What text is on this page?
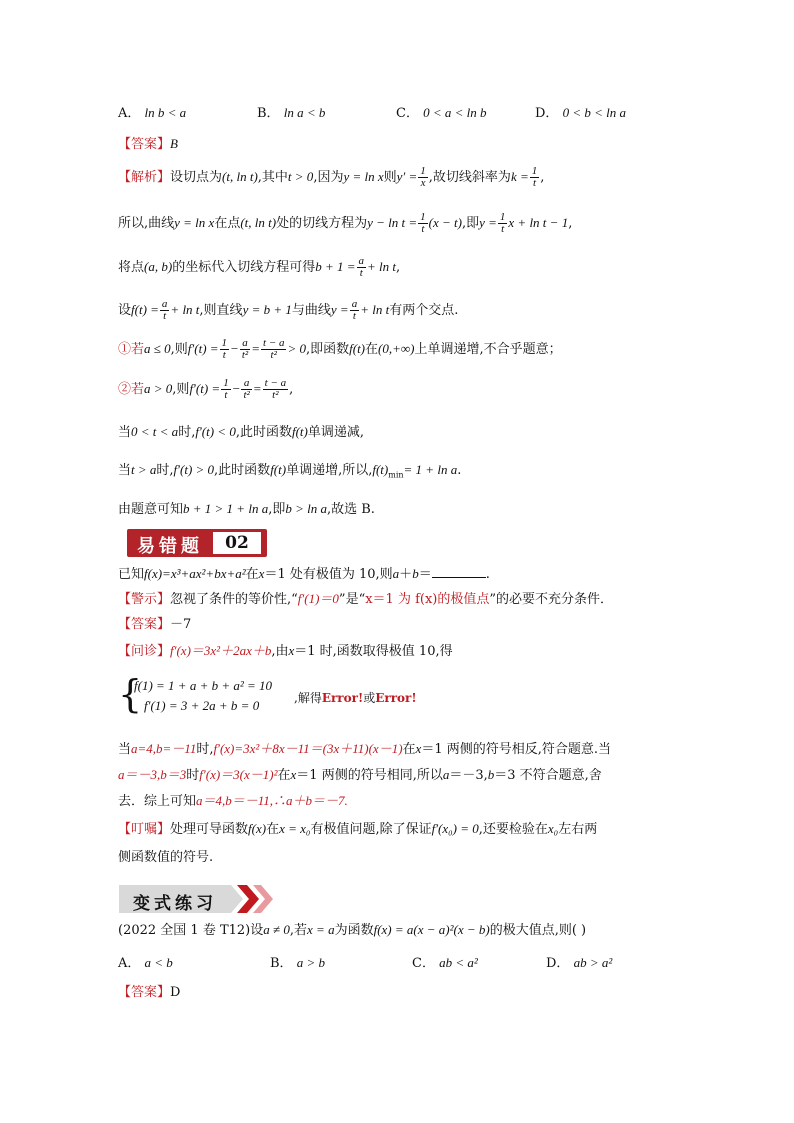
A． ln b < a	B． ln a < b	C． 0 < a < ln b	D． 0 < b < ln a
【答案】B
【解析】设切点为(t, ln t),其中t > 0,因为y = ln x则$y' = \frac{1}{x}$ ,故切线斜率为$k = \frac{1}{t}$ ,
所以,曲线y = ln x在点(t, ln t)处的切线方程为$y - \ln t = \frac{1}{t} (x - t)$,即$y = \frac{1}{t}$ x + ln t − 1,
将点(a, b)的坐标代入切线方程可得$b + 1 = \frac{a}{t} + \ln t$,
设$f(t) = \frac{a}{t} + \ln t$,则直线y = b + 1与曲线$y = \frac{a}{t} + \ln t$有两个交点.
①若a ≤ 0,则$f'(t) = \frac{1}{t} - \frac{a}{\text{t²}} = \frac{t - a}{\text{t²}} > 0$,即函数f(t)在(0,+∞)上单调递增,不合乎题意；
②若a > 0,则$f'(t) = \frac{1}{t} - \frac{a}{\text{t²}} = \frac{t - a}{\text{t²}}$ ,
当0 < t < a时,f′(t) < 0,此时函数f(t)单调递减,
当t > a时,f′(t) > 0,此时函数f(t)单调递增,所以$,f(t)_{min}= 1 + \ln a$.
由题意可知b + 1 > 1 + ln a,即b > ln a,故选 B.
易错题	02
已知f(x)=x³+ax²+bx+a²在x＝1 处有极值为 10,则a＋b＝	.
【警示】忽视了条件的等价性,“f′(1)＝0”是“x＝1 为 f(x)的极值点”的必要不充分条件．
【答案】－7
【问诊】f′(x)＝3x²＋2ax＋b,由x＝1 时,函数取得极值 10,得
{
f(1) = 1 + a + b + a² = 10
f′(1) = 3 + 2a + b = 0	,解得Error!或Error!
当a=4,b=－11时,f′(x)=3x²＋8x－11＝(3x＋11)(x－1)在x＝1 两侧的符号相反,符合题意.当
a＝－3,b＝3时f′(x)＝3(x－1)²在x＝1 两侧的符号相同,所以a＝－3,b＝3 不符合题意,舍
去．综上可知a＝4,b＝－11,∴a＋b＝－7.
【叮嘱】处理可导函数f(x)在x = x₀有极值问题,除了保证f′(x₀) = 0,还要检验在x₀左右两
侧函数值的符号.
变式练习
(2022 全国 1 卷 T12)设a ≠ 0,若x = a为函数f(x) = a(x − a)²(x − b)的极大值点,则( )
A． a < b	B． a > b	C． ab < a²	D． ab > a²
【答案】D
